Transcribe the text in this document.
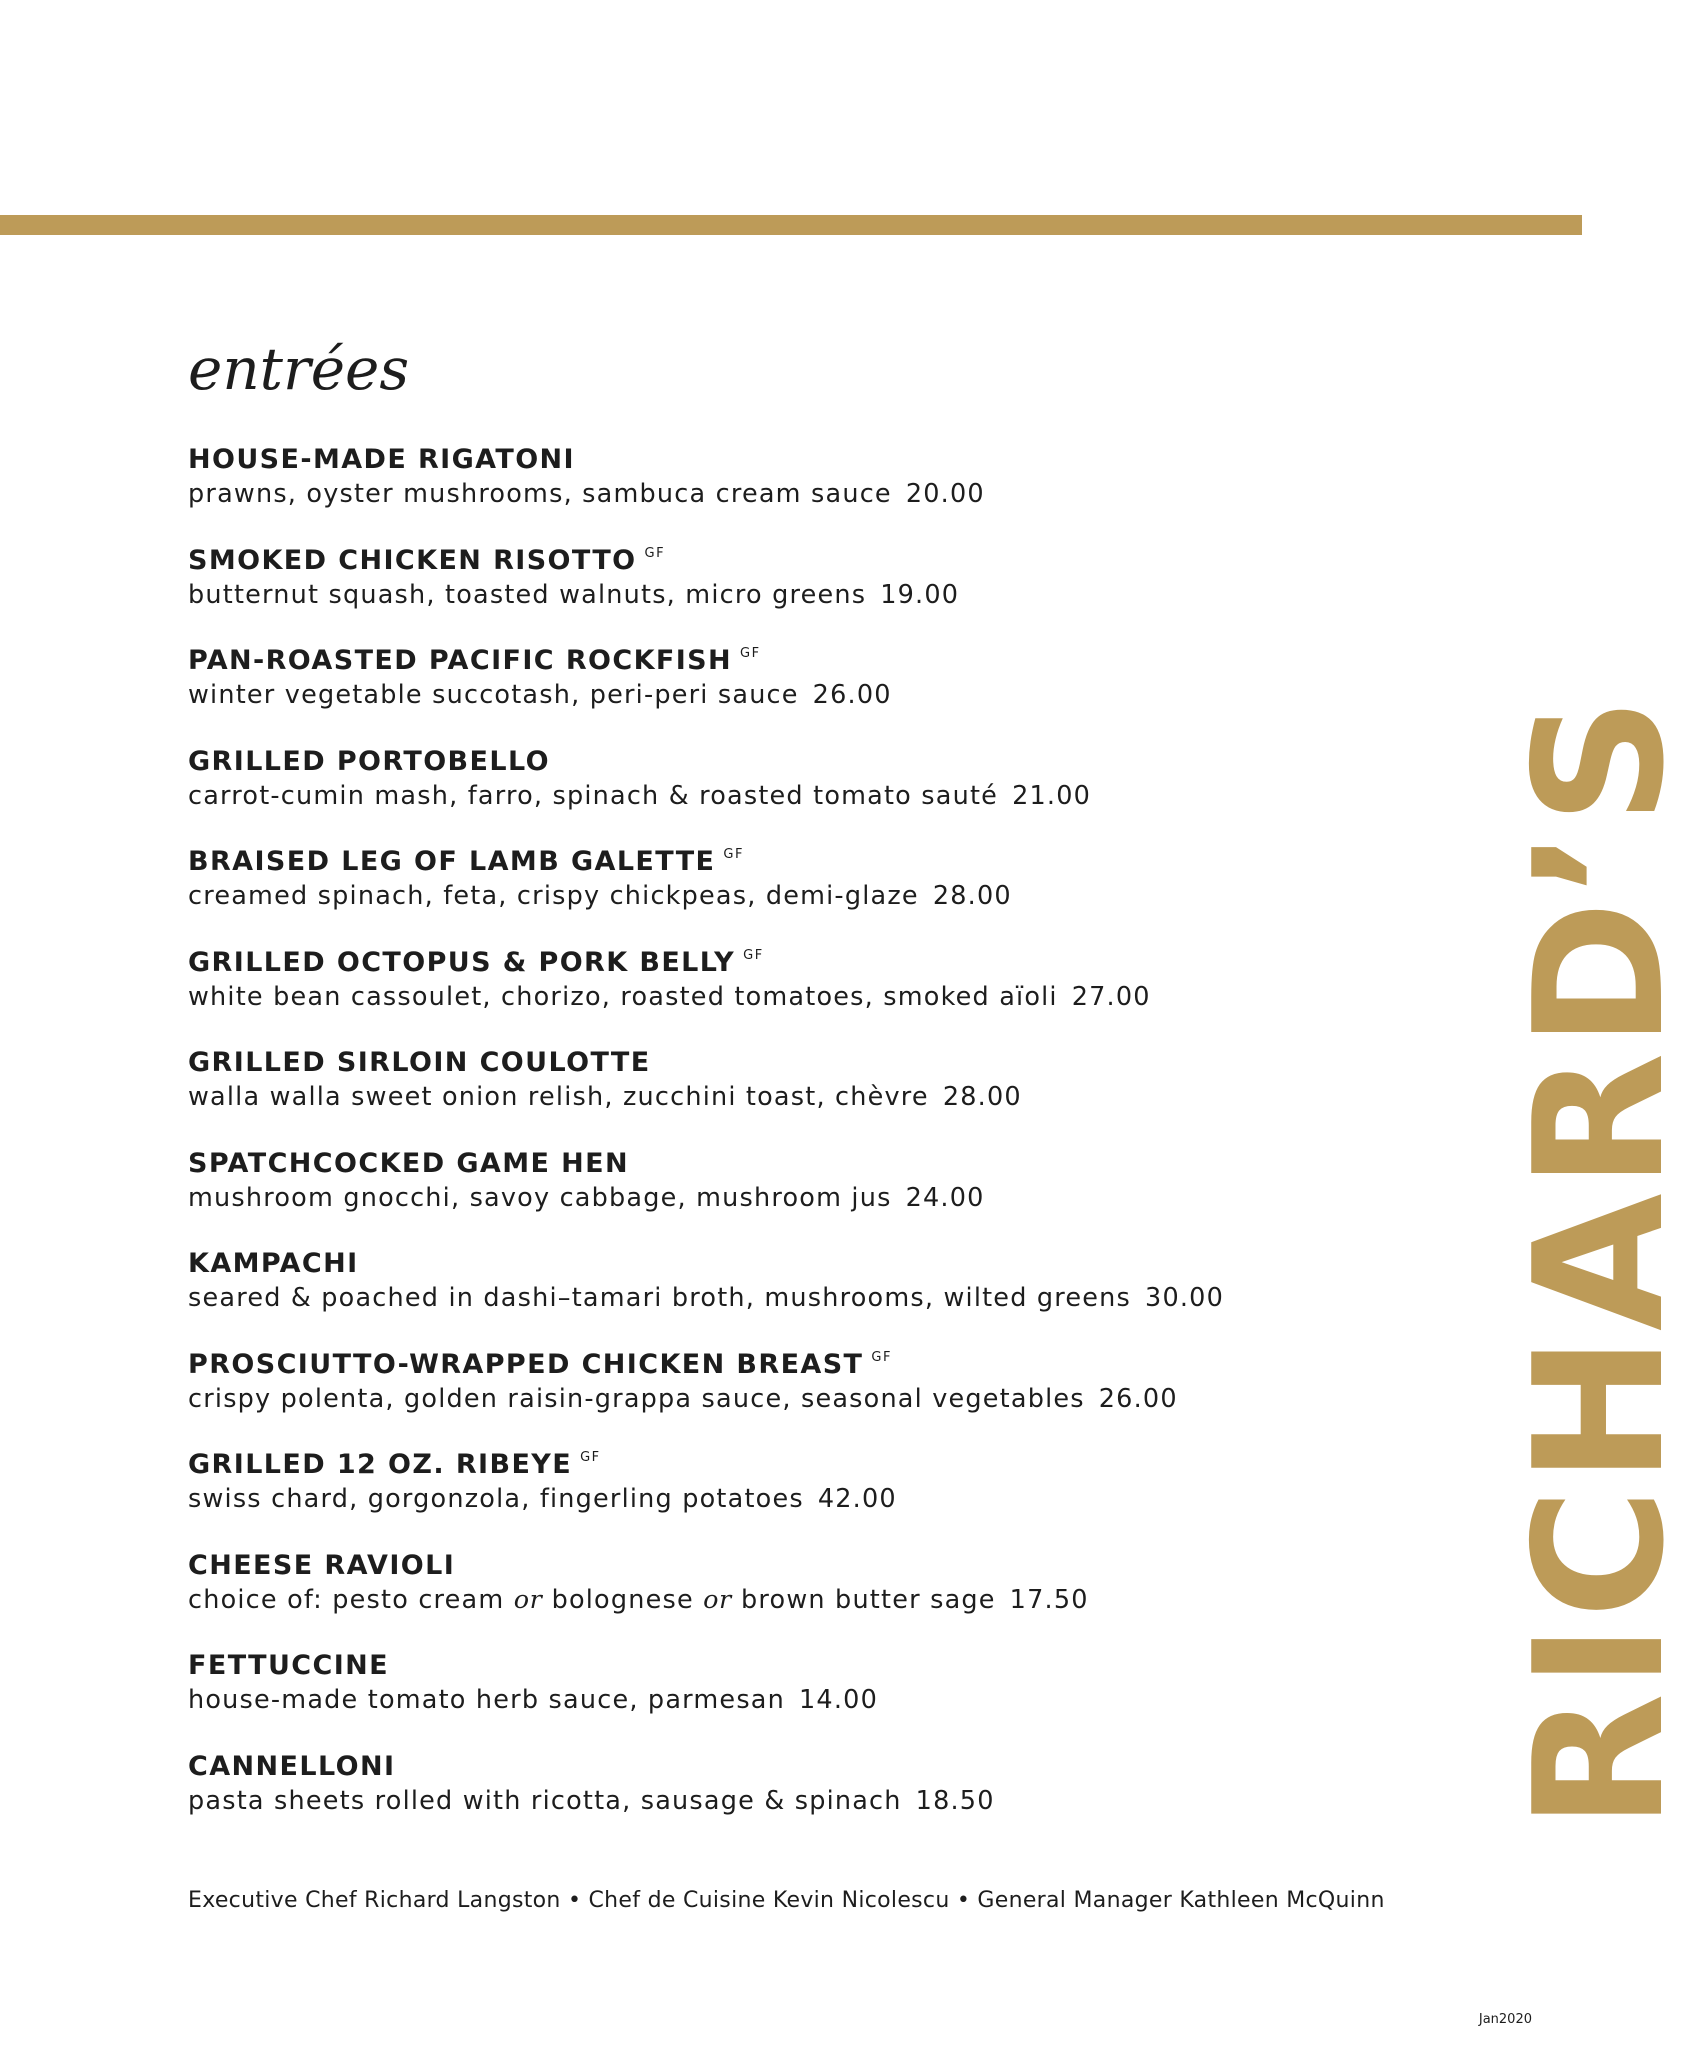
entrées
HOUSE-MADE RIGATONI
prawns, oyster mushrooms, sambuca cream sauce 20.00
SMOKED CHICKEN RISOTTO $^{GF}$
butternut squash, toasted walnuts, micro greens 19.00
PAN-ROASTED PACIFIC ROCKFISH $^{GF}$
winter vegetable succotash, peri-peri sauce 26.00
GRILLED PORTOBELLO
carrot-cumin mash, farro, spinach & roasted tomato sauté 21.00
BRAISED LEG OF LAMB GALETTE $^{GF}$
creamed spinach, feta, crispy chickpeas, demi-glaze 28.00
GRILLED OCTOPUS & PORK BELLY $^{GF}$
white bean cassoulet, chorizo, roasted tomatoes, smoked aïoli 27.00
GRILLED SIRLOIN COULOTTE
walla walla sweet onion relish, zucchini toast, chèvre 28.00
SPATCHCOCKED GAME HEN
mushroom gnocchi, savoy cabbage, mushroom jus 24.00
KAMPACHI
seared & poached in dashi–tamari broth, mushrooms, wilted greens 30.00
PROSCIUTTO-WRAPPED CHICKEN BREAST $^{GF}$
crispy polenta, golden raisin-grappa sauce, seasonal vegetables 26.00
GRILLED 12 OZ. RIBEYE $^{GF}$
swiss chard, gorgonzola, fingerling potatoes 42.00
CHEESE RAVIOLI
choice of: pesto cream or bolognese or brown butter sage 17.50
FETTUCCINE
house-made tomato herb sauce, parmesan 14.00
CANNELLONI
pasta sheets rolled with ricotta, sausage & spinach 18.50	RICHARD’S
Executive Chef Richard Langston • Chef de Cuisine Kevin Nicolescu • General Manager Kathleen McQuinn
Jan2020
